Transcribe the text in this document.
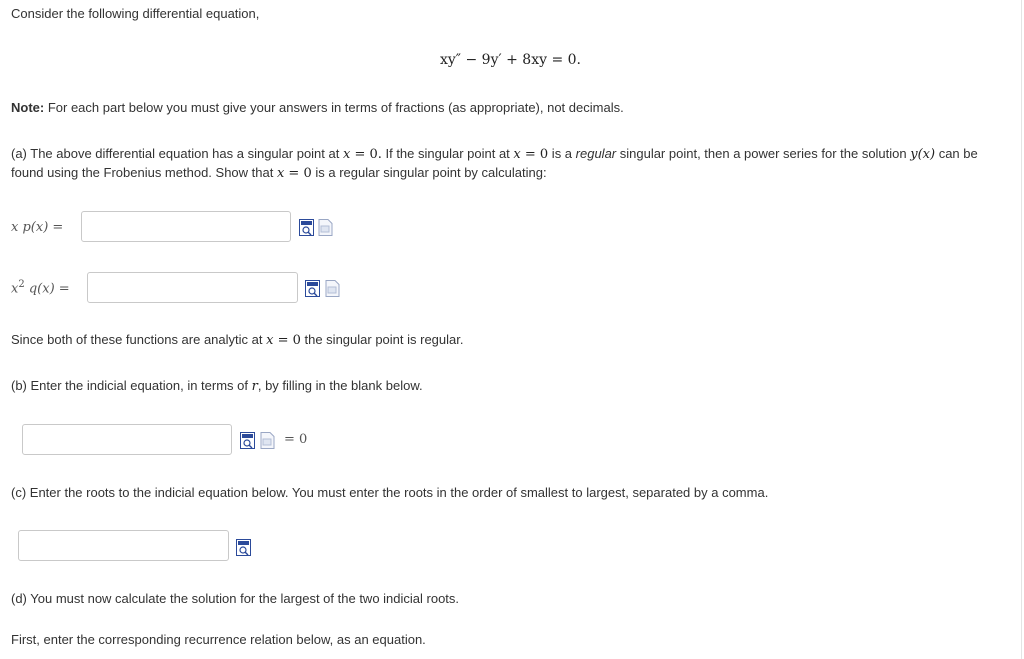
Consider the following differential equation,
xy″ − 9y′ + 8xy = 0.
Note: For each part below you must give your answers in terms of fractions (as appropriate), not decimals.
(a) The above differential equation has a singular point at x = 0. If the singular point at x = 0 is a regular singular point, then a power series for the solution y(x) can be
found using the Frobenius method. Show that x = 0 is a regular singular point by calculating:
x p(x) =
$x^2$ q(x) =
Since both of these functions are analytic at x = 0 the singular point is regular.
(b) Enter the indicial equation, in terms of r, by filling in the blank below.
= 0
(c) Enter the roots to the indicial equation below. You must enter the roots in the order of smallest to largest, separated by a comma.
(d) You must now calculate the solution for the largest of the two indicial roots.
First, enter the corresponding recurrence relation below, as an equation.
